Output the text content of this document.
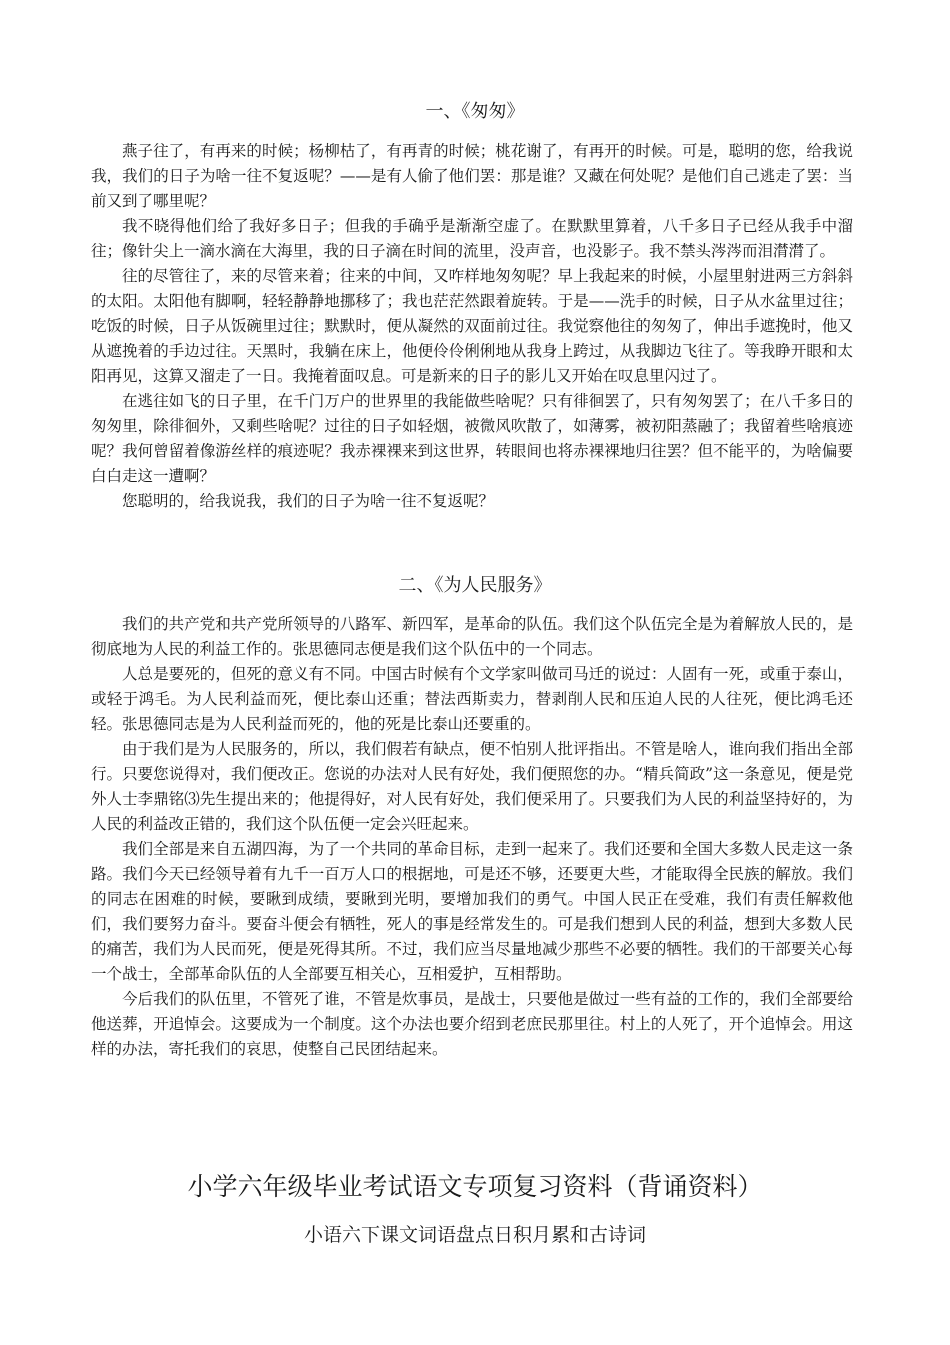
一、《匆匆》

燕子往了，有再来的时候；杨柳枯了，有再青的时候；桃花谢了，有再开的时候。可是，聪明的您，给我说我，我们的日子为啥一往不复返呢？——是有人偷了他们罢：那是谁？又藏在何处呢？是他们自己逃走了罢：当前又到了哪里呢？

我不晓得他们给了我好多日子；但我的手确乎是渐渐空虚了。在默默里算着，八千多日子已经从我手中溜往；像针尖上一滴水滴在大海里，我的日子滴在时间的流里，没声音，也没影子。我不禁头涔涔而泪潸潸了。

往的尽管往了，来的尽管来着；往来的中间，又咋样地匆匆呢？早上我起来的时候，小屋里射进两三方斜斜的太阳。太阳他有脚啊，轻轻静静地挪移了；我也茫茫然跟着旋转。于是——洗手的时候，日子从水盆里过往；吃饭的时候，日子从饭碗里过往；默默时，便从凝然的双面前过往。我觉察他往的匆匆了，伸出手遮挽时，他又从遮挽着的手边过往。天黑时，我躺在床上，他便伶伶俐俐地从我身上跨过，从我脚边飞往了。等我睁开眼和太阳再见，这算又溜走了一日。我掩着面叹息。可是新来的日子的影儿又开始在叹息里闪过了。

在逃往如飞的日子里，在千门万户的世界里的我能做些啥呢？只有徘徊罢了，只有匆匆罢了；在八千多日的匆匆里，除徘徊外，又剩些啥呢？过往的日子如轻烟，被微风吹散了，如薄雾，被初阳蒸融了；我留着些啥痕迹呢？我何曾留着像游丝样的痕迹呢？我赤裸裸来到这世界，转眼间也将赤裸裸地归往罢？但不能平的，为啥偏要白白走这一遭啊？

您聪明的，给我说我，我们的日子为啥一往不复返呢？

二、《为人民服务》

我们的共产党和共产党所领导的八路军、新四军，是革命的队伍。我们这个队伍完全是为着解放人民的，是彻底地为人民的利益工作的。张思德同志便是我们这个队伍中的一个同志。

人总是要死的，但死的意义有不同。中国古时候有个文学家叫做司马迁的说过：人固有一死，或重于泰山，或轻于鸿毛。为人民利益而死，便比泰山还重；替法西斯卖力，替剥削人民和压迫人民的人往死，便比鸿毛还轻。张思德同志是为人民利益而死的，他的死是比泰山还要重的。

由于我们是为人民服务的，所以，我们假若有缺点，便不怕别人批评指出。不管是啥人，谁向我们指出全部行。只要您说得对，我们便改正。您说的办法对人民有好处，我们便照您的办。“精兵简政”这一条意见，便是党外人士李鼎铭⑶先生提出来的；他提得好，对人民有好处，我们便采用了。只要我们为人民的利益坚持好的，为人民的利益改正错的，我们这个队伍便一定会兴旺起来。

我们全部是来自五湖四海，为了一个共同的革命目标，走到一起来了。我们还要和全国大多数人民走这一条路。我们今天已经领导着有九千一百万人口的根据地，可是还不够，还要更大些，才能取得全民族的解放。我们的同志在困难的时候，要瞅到成绩，要瞅到光明，要增加我们的勇气。中国人民正在受难，我们有责任解救他们，我们要努力奋斗。要奋斗便会有牺牲，死人的事是经常发生的。可是我们想到人民的利益，想到大多数人民的痛苦，我们为人民而死，便是死得其所。不过，我们应当尽量地减少那些不必要的牺牲。我们的干部要关心每一个战士，全部革命队伍的人全部要互相关心，互相爱护，互相帮助。

今后我们的队伍里，不管死了谁，不管是炊事员，是战士，只要他是做过一些有益的工作的，我们全部要给他送葬，开追悼会。这要成为一个制度。这个办法也要介绍到老庶民那里往。村上的人死了，开个追悼会。用这样的办法，寄托我们的哀思，使整自己民团结起来。

小学六年级毕业考试语文专项复习资料（背诵资料）
小语六下课文词语盘点日积月累和古诗词
